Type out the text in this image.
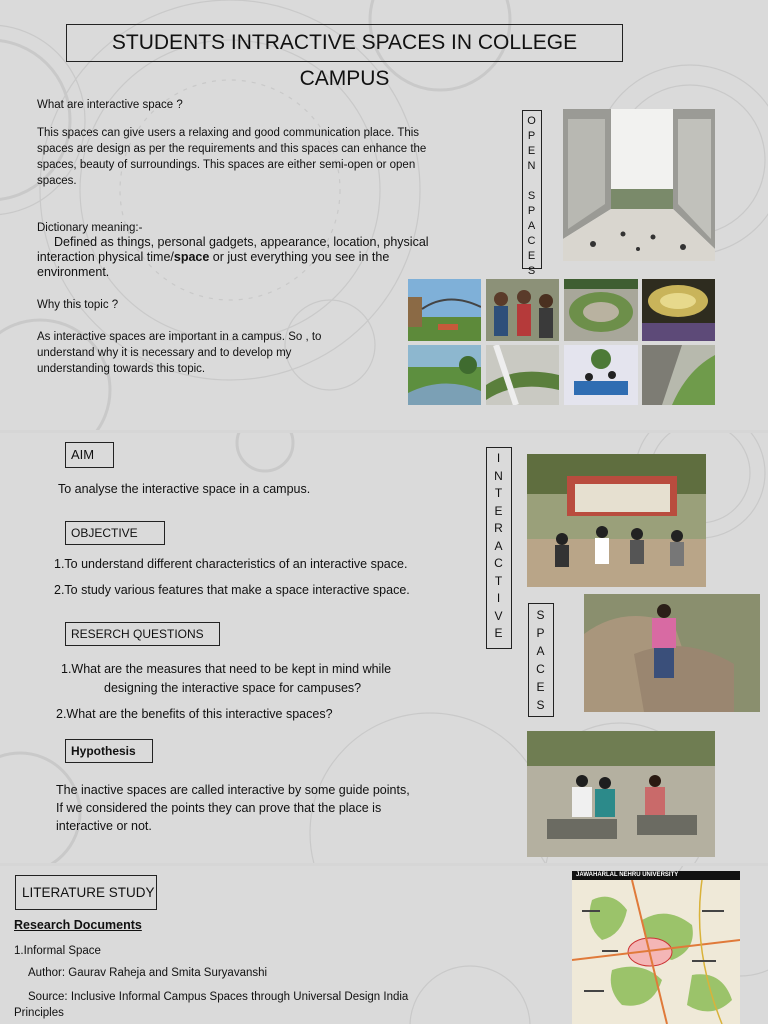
STUDENTS INTRACTIVE SPACES IN COLLEGE CAMPUS
What are interactive space ?
This spaces can give users a relaxing and good communication place. This spaces are design as per the requirements and this spaces can enhance the spaces, beauty of surroundings. This spaces are either semi-open or open spaces.
Dictionary meaning:-
Defined as things, personal gadgets, appearance, location, physical interaction physical time/space or just everything you see in the environment.
Why this topic ?
As interactive spaces are important in a campus. So , to understand why it is necessary and to develop my understanding towards this topic.
O
P
E
N

S
P
A
C
E
S
AIM
To analyse the interactive space in a campus.
OBJECTIVE
1.To understand different characteristics of an interactive space.
2.To study various features that make a space interactive space.
RESERCH QUESTIONS
1.What are the measures that need to be kept in mind while
designing the interactive space for campuses?
2.What are the benefits of this interactive spaces?
Hypothesis
The inactive spaces are called interactive by some guide points,
If we considered the points they can prove that the place is
interactive or not.
I
N
T
E
R
A
C
T
I
V
E
S
P
A
C
E
S
LITERATURE STUDY
Research Documents
1.Informal Space
Author: Gaurav Raheja and Smita Suryavanshi
Source: Inclusive Informal Campus Spaces through Universal Design India
Principles
JAWAHARLAL NEHRU UNIVERSITY
